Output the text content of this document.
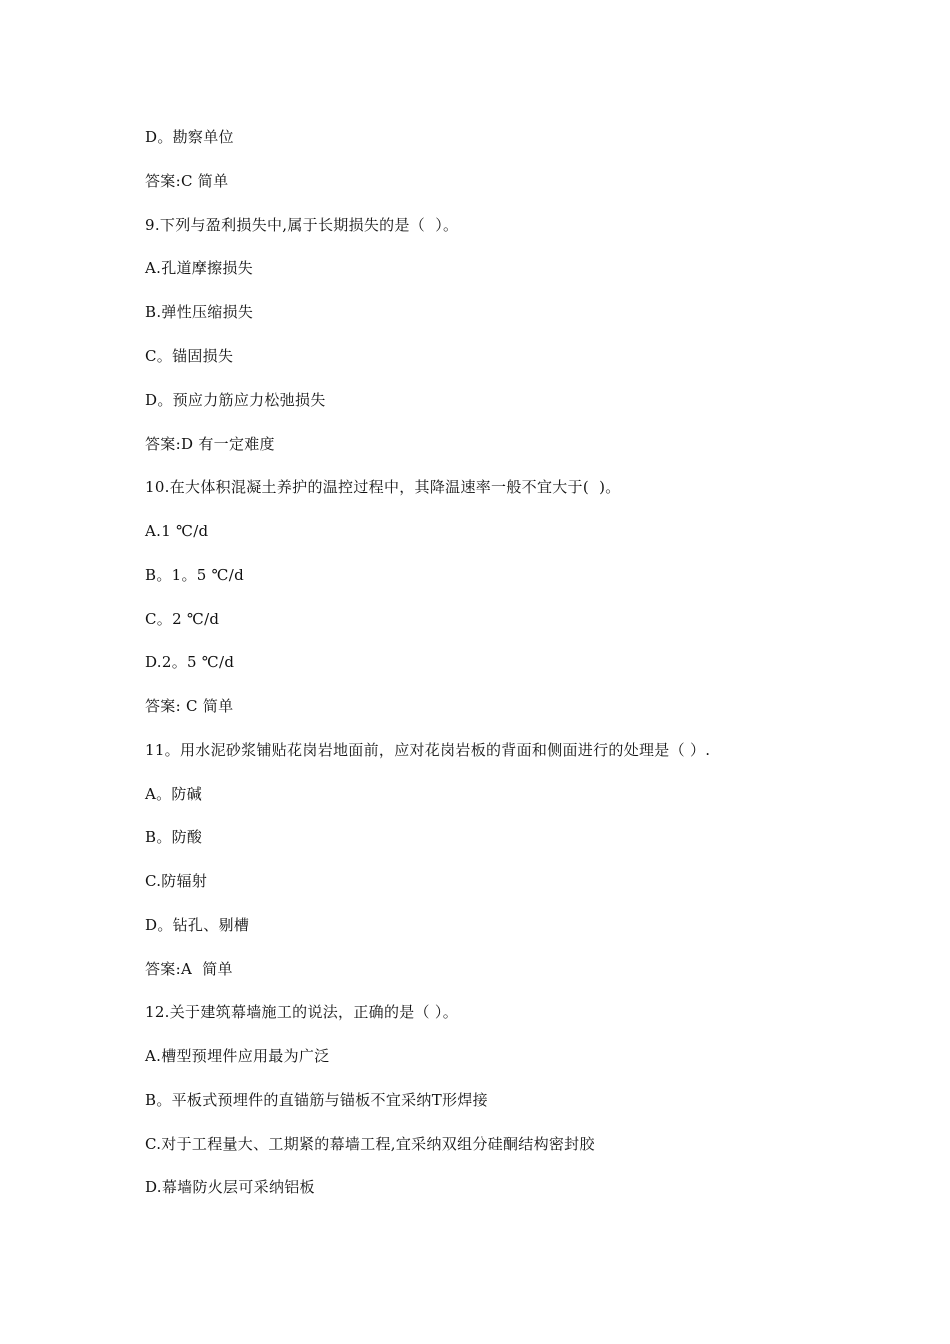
D。勘察单位
答案:C 简单
9.下列与盈利损失中,属于长期损失的是（  ）。
A.孔道摩擦损失
B.弹性压缩损失
C。锚固损失
D。预应力筋应力松弛损失
答案:D 有一定难度
10.在大体积混凝土养护的温控过程中，其降温速率一般不宜大于(  )。
A.1 ℃/d
B。1。5 ℃/d
C。2 ℃/d
D.2。5 ℃/d
答案: C 简单
11。用水泥砂浆铺贴花岗岩地面前，应对花岗岩板的背面和侧面进行的处理是（ ）.
A。防碱
B。防酸
C.防辐射
D。钻孔、剔槽
答案:A  简单
12.关于建筑幕墙施工的说法，正确的是（ ）。
A.槽型预埋件应用最为广泛
B。平板式预埋件的直锚筋与锚板不宜采纳T形焊接
C.对于工程量大、工期紧的幕墙工程,宜采纳双组分硅酮结构密封胶
D.幕墙防火层可采纳铝板
